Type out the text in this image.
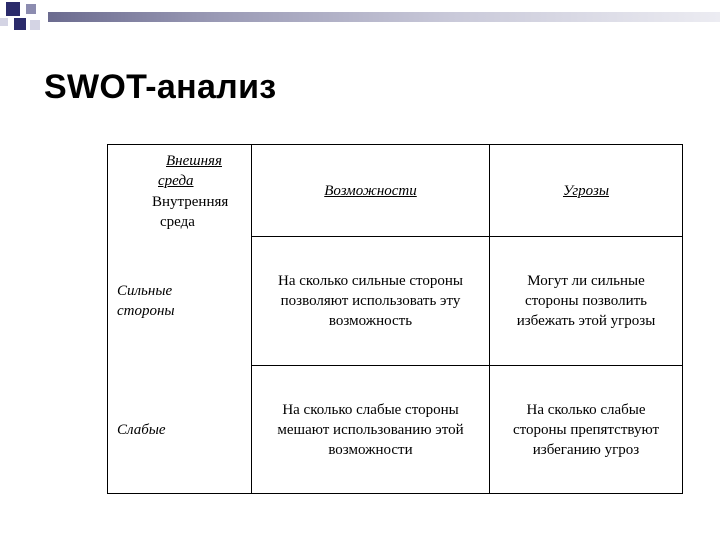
SWOT-анализ
Внешняя
среда
Внутренняя
среда
Возможности	Угрозы
Сильные стороны
Слабые
На сколько сильные стороны позволяют использовать эту возможность
Могут ли сильные стороны позволить избежать этой угрозы
На сколько слабые стороны мешают использованию этой возможности
На сколько слабые стороны препятствуют избеганию угроз
